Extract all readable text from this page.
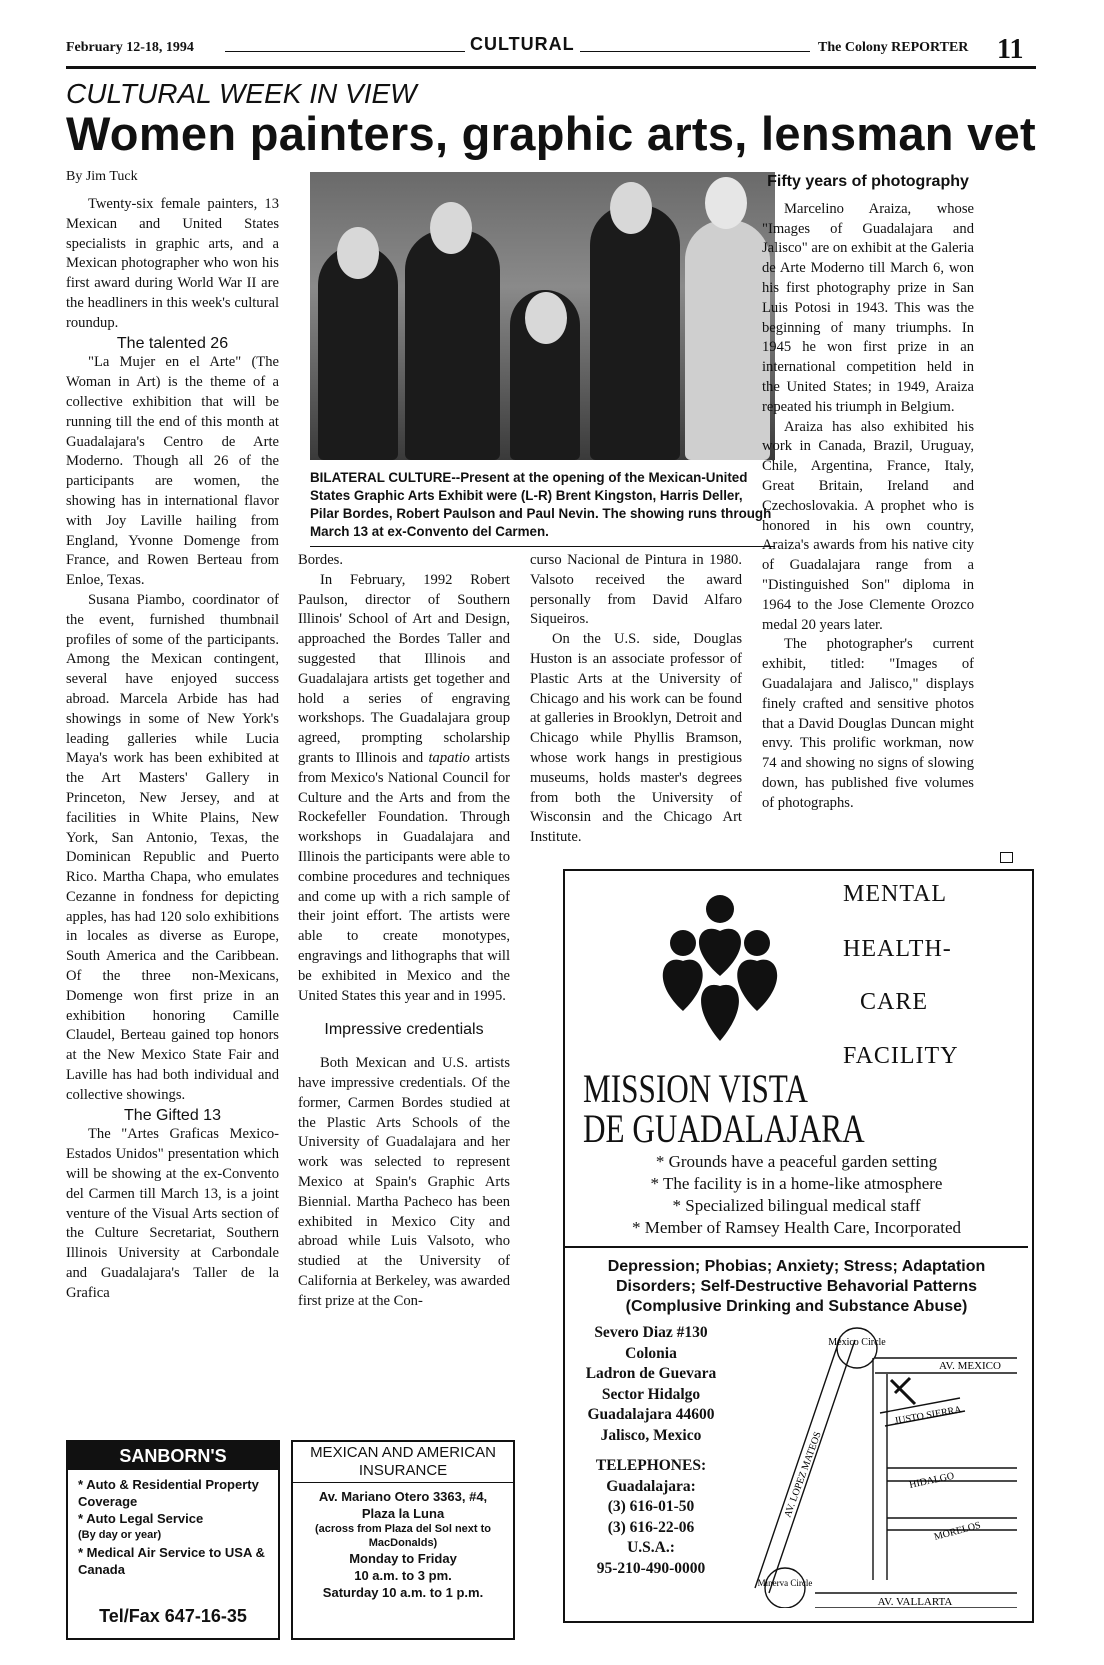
February 12-18, 1994	CULTURAL	The Colony REPORTER 11
CULTURAL WEEK IN VIEW
Women painters, graphic arts, lensman vet
By Jim Tuck

Twenty-six female painters, 13 Mexican and United States specialists in graphic arts, and a Mexican photographer who won his first award during World War II are the headliners in this week's cultural roundup.

The talented 26

"La Mujer en el Arte" (The Woman in Art) is the theme of a collective exhibition that will be running till the end of this month at Guadalajara's Centro de Arte Moderno. Though all 26 of the participants are women, the showing has in international flavor with Joy Laville hailing from England, Yvonne Domenge from France, and Rowen Berteau from Enloe, Texas.

Susana Piambo, coordinator of the event, furnished thumbnail profiles of some of the participants. Among the Mexican contingent, several have enjoyed success abroad. Marcela Arbide has had showings in some of New York's leading galleries while Lucia Maya's work has been exhibited at the Art Masters' Gallery in Princeton, New Jersey, and at facilities in White Plains, New York, San Antonio, Texas, the Dominican Republic and Puerto Rico. Martha Chapa, who emulates Cezanne in fondness for depicting apples, has had 120 solo exhibitions in locales as diverse as Europe, South America and the Caribbean. Of the three non-Mexicans, Domenge won first prize in an exhibition honoring Camille Claudel, Berteau gained top honors at the New Mexico State Fair and Laville has had both individual and collective showings.

The Gifted 13

The "Artes Graficas Mexico-Estados Unidos" presentation which will be showing at the ex-Convento del Carmen till March 13, is a joint venture of the Visual Arts section of the Culture Secretariat, Southern Illinois University at Carbondale and Guadalajara's Taller de la Grafica

BILATERAL CULTURE--Present at the opening of the Mexican-United States Graphic Arts Exhibit were (L-R) Brent Kingston, Harris Deller, Pilar Bordes, Robert Paulson and Paul Nevin. The showing runs through March 13 at ex-Convento del Carmen.

Bordes.

In February, 1992 Robert Paulson, director of Southern Illinois' School of Art and Design, approached the Bordes Taller and suggested that Illinois and Guadalajara artists get together and hold a series of engraving workshops. The Guadalajara group agreed, prompting scholarship grants to Illinois and tapatio artists from Mexico's National Council for Culture and the Arts and from the Rockefeller Foundation. Through workshops in Guadalajara and Illinois the participants were able to combine procedures and techniques and come up with a rich sample of their joint effort. The artists were able to create monotypes, engravings and lithographs that will be exhibited in Mexico and the United States this year and in 1995.

Impressive credentials

Both Mexican and U.S. artists have impressive credentials. Of the former, Carmen Bordes studied at the Plastic Arts Schools of the University of Guadalajara and her work was selected to represent Mexico at Spain's Graphic Arts Biennial. Martha Pacheco has been exhibited in Mexico City and abroad while Luis Valsoto, who studied at the University of California at Berkeley, was awarded first prize at the Con-

curso Nacional de Pintura in 1980. Valsoto received the award personally from David Alfaro Siqueiros.

On the U.S. side, Douglas Huston is an associate professor of Plastic Arts at the University of Chicago and his work can be found at galleries in Brooklyn, Detroit and Chicago while Phyllis Bramson, whose work hangs in prestigious museums, holds master's degrees from both the University of Wisconsin and the Chicago Art Institute.

Fifty years of photography

Marcelino Araiza, whose "Images of Guadalajara and Jalisco" are on exhibit at the Galeria de Arte Moderno till March 6, won his first photography prize in San Luis Potosi in 1943. This was the beginning of many triumphs. In 1945 he won first prize in an international competition held in the United States; in 1949, Araiza repeated his triumph in Belgium.

Araiza has also exhibited his work in Canada, Brazil, Uruguay, Chile, Argentina, France, Italy, Great Britain, Ireland and Czechoslovakia. A prophet who is honored in his own country, Araiza's awards from his native city of Guadalajara range from a "Distinguished Son" diploma in 1964 to the Jose Clemente Orozco medal 20 years later.

The photographer's current exhibit, titled: "Images of Guadalajara and Jalisco," displays finely crafted and sensitive photos that a David Douglas Duncan might envy. This prolific workman, now 74 and showing no signs of slowing down, has published five volumes of photographs.

MENTAL
HEALTH-
CARE
FACILITY
MISSION VISTA
DE GUADALAJARA
* Grounds have a peaceful garden setting
* The facility is in a home-like atmosphere
* Specialized bilingual medical staff
* Member of Ramsey Health Care, Incorporated
Depression; Phobias; Anxiety; Stress; Adaptation Disorders; Self-Destructive Behavorial Patterns (Complusive Drinking and Substance Abuse)
Severo Diaz #130
Colonia
Ladron de Guevara
Sector Hidalgo
Guadalajara 44600
Jalisco, Mexico
TELEPHONES:
Guadalajara:
(3) 616-01-50
(3) 616-22-06
U.S.A.:
95-210-490-0000
Mexico Circle
AV. MEXICO
JUSTO SIERRA
HIDALGO
MORELOS
AV. LOPEZ MATEOS
Minerva Circle
AV. VALLARTA
SANBORN'S
* Auto & Residential Property Coverage
* Auto Legal Service
(By day or year)
* Medical Air Service to USA & Canada
Tel/Fax 647-16-35
MEXICAN AND AMERICAN INSURANCE
Av. Mariano Otero 3363, #4,
Plaza la Luna
(across from Plaza del Sol next to MacDonalds)
Monday to Friday
10 a.m. to 3 pm.
Saturday 10 a.m. to 1 p.m.
